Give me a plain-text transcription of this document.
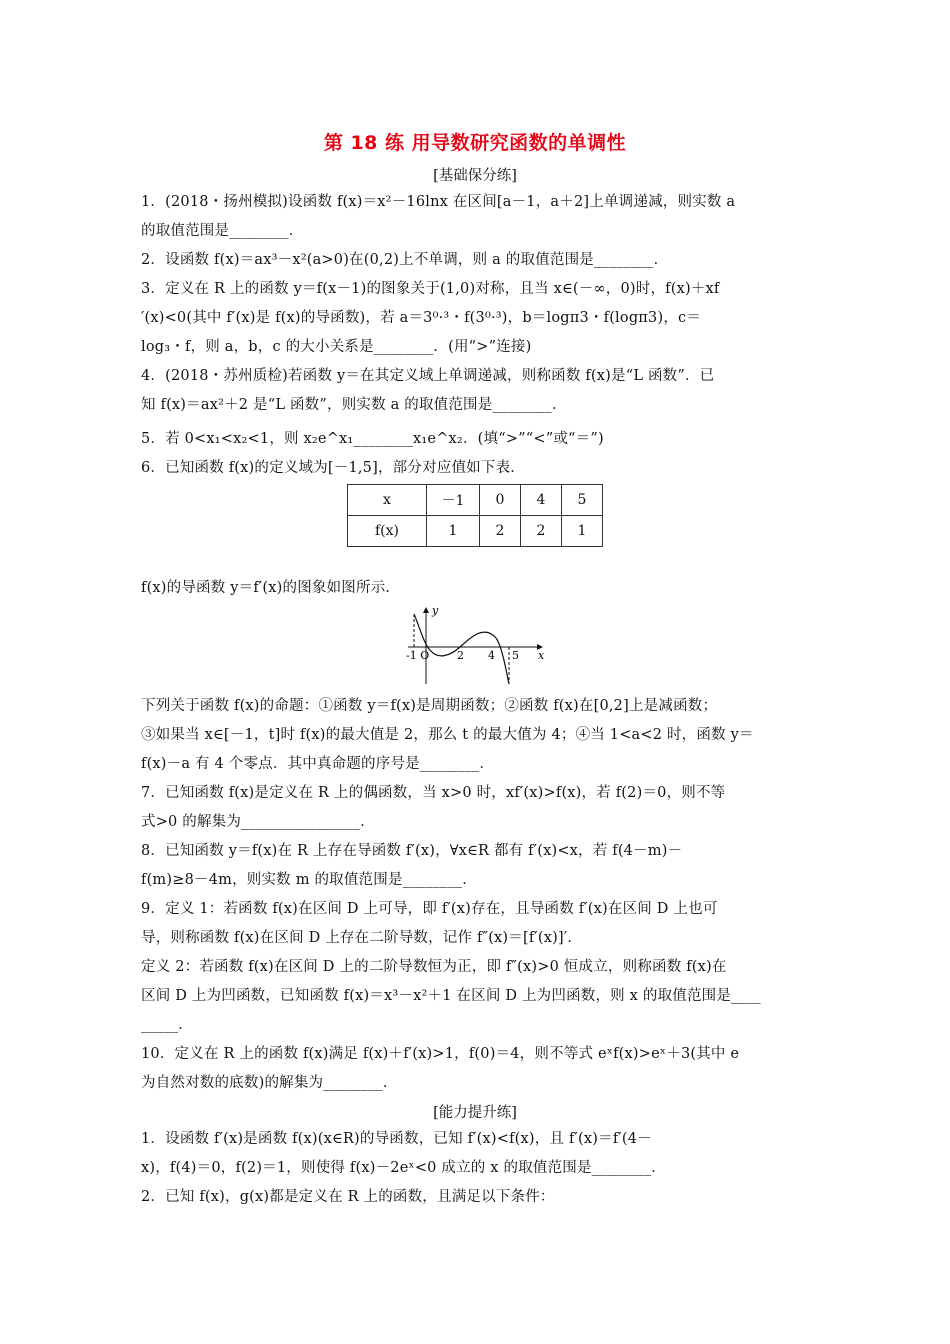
第 18 练 用导数研究函数的单调性
[基础保分练]
1．(2018・扬州模拟)设函数 f(x)＝x²－16lnx 在区间[a－1，a＋2]上单调递减，则实数 a
的取值范围是________．
2．设函数 f(x)＝ax³－x²(a>0)在(0,2)上不单调，则 a 的取值范围是________．
3．定义在 R 上的函数 y＝f(x－1)的图象关于(1,0)对称，且当 x∈(－∞，0)时，f(x)＋xf
′(x)<0(其中 f′(x)是 f(x)的导函数)，若 a＝3⁰·³・f(3⁰·³)，b＝logπ3・f(logπ3)，c＝
log₃・f，则 a，b，c 的大小关系是________．(用“>”连接)
4．(2018・苏州质检)若函数 y＝在其定义域上单调递减，则称函数 f(x)是“L 函数”．已
知 f(x)＝ax²＋2 是“L 函数”，则实数 a 的取值范围是________．
5．若 0<x₁<x₂<1，则 x₂e^x₁________x₁e^x₂．(填“>”“<”或“＝”)
6．已知函数 f(x)的定义域为[－1,5]，部分对应值如下表．
x	－1	0	4	5
f(x)	1	2	2	1
f(x)的导函数 y＝f′(x)的图象如图所示．
y
x
-1 O	2 4 5
下列关于函数 f(x)的命题：①函数 y＝f(x)是周期函数；②函数 f(x)在[0,2]上是减函数；
③如果当 x∈[－1，t]时 f(x)的最大值是 2，那么 t 的最大值为 4；④当 1<a<2 时，函数 y＝
f(x)－a 有 4 个零点．其中真命题的序号是________．
7．已知函数 f(x)是定义在 R 上的偶函数，当 x>0 时，xf′(x)>f(x)，若 f(2)＝0，则不等
式>0 的解集为________________．
8．已知函数 y＝f(x)在 R 上存在导函数 f′(x)，∀x∈R 都有 f′(x)<x，若 f(4－m)－
f(m)≥8－4m，则实数 m 的取值范围是________．
9．定义 1：若函数 f(x)在区间 D 上可导，即 f′(x)存在，且导函数 f′(x)在区间 D 上也可
导，则称函数 f(x)在区间 D 上存在二阶导数，记作 f″(x)＝[f′(x)]′．
定义 2：若函数 f(x)在区间 D 上的二阶导数恒为正，即 f″(x)>0 恒成立，则称函数 f(x)在
区间 D 上为凹函数，已知函数 f(x)＝x³－x²＋1 在区间 D 上为凹函数，则 x 的取值范围是____
_____．
10．定义在 R 上的函数 f(x)满足 f(x)＋f′(x)>1，f(0)＝4，则不等式 eˣf(x)>eˣ＋3(其中 e
为自然对数的底数)的解集为________．
[能力提升练]
1．设函数 f′(x)是函数 f(x)(x∈R)的导函数，已知 f′(x)<f(x)，且 f′(x)＝f′(4－
x)，f(4)＝0，f(2)＝1，则使得 f(x)－2eˣ<0 成立的 x 的取值范围是________．
2．已知 f(x)，g(x)都是定义在 R 上的函数，且满足以下条件：
